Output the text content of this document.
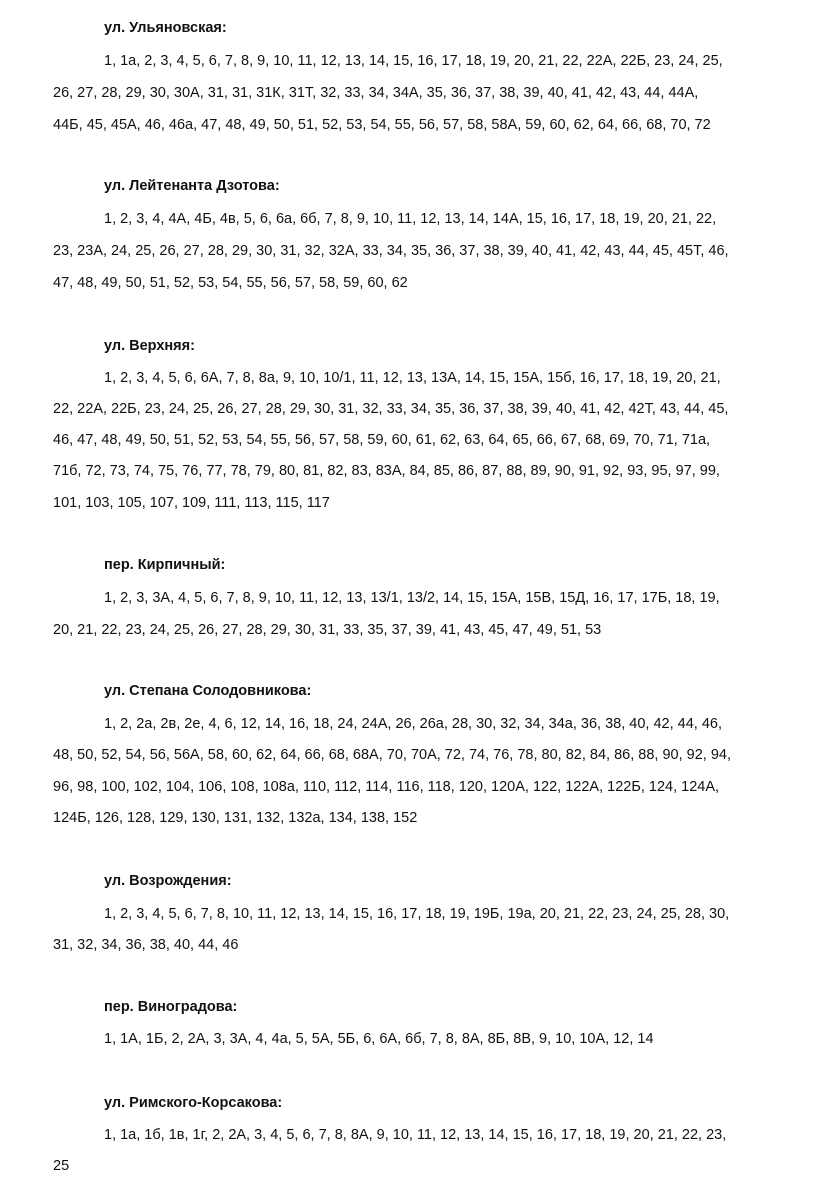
ул. Ульяновская:
1, 1а, 2, 3, 4, 5, 6, 7, 8, 9, 10, 11, 12, 13, 14, 15, 16, 17, 18, 19, 20, 21, 22, 22А, 22Б, 23, 24, 25,
26, 27, 28, 29, 30, 30А, 31, 31, 31К, 31Т, 32, 33, 34, 34А, 35, 36, 37, 38, 39, 40, 41, 42, 43, 44, 44А,
44Б, 45, 45А, 46, 46а, 47, 48, 49, 50, 51, 52, 53, 54, 55, 56, 57, 58, 58А, 59, 60, 62, 64, 66, 68, 70, 72
ул. Лейтенанта Дзотова:
1, 2, 3, 4, 4А, 4Б, 4в, 5, 6, 6а, 6б, 7, 8, 9, 10, 11, 12, 13, 14, 14А, 15, 16, 17, 18, 19, 20, 21, 22,
23, 23А, 24, 25, 26, 27, 28, 29, 30, 31, 32, 32А, 33, 34, 35, 36, 37, 38, 39, 40, 41, 42, 43, 44, 45, 45Т, 46,
47, 48, 49, 50, 51, 52, 53, 54, 55, 56, 57, 58, 59, 60, 62
ул. Верхняя:
1, 2, 3, 4, 5, 6, 6А, 7, 8, 8а, 9, 10, 10/1, 11, 12, 13, 13А, 14, 15, 15А, 15б, 16, 17, 18, 19, 20, 21,
22, 22А, 22Б, 23, 24, 25, 26, 27, 28, 29, 30, 31, 32, 33, 34, 35, 36, 37, 38, 39, 40, 41, 42, 42Т, 43, 44, 45,
46, 47, 48, 49, 50, 51, 52, 53, 54, 55, 56, 57, 58, 59, 60, 61, 62, 63, 64, 65, 66, 67, 68, 69, 70, 71, 71а,
71б, 72, 73, 74, 75, 76, 77, 78, 79, 80, 81, 82, 83, 83А, 84, 85, 86, 87, 88, 89, 90, 91, 92, 93, 95, 97, 99,
101, 103, 105, 107, 109, 111, 113, 115, 117
пер. Кирпичный:
1, 2, 3, 3А, 4, 5, 6, 7, 8, 9, 10, 11, 12, 13, 13/1, 13/2, 14, 15, 15А, 15В, 15Д, 16, 17, 17Б, 18, 19,
20, 21, 22, 23, 24, 25, 26, 27, 28, 29, 30, 31, 33, 35, 37, 39, 41, 43, 45, 47, 49, 51, 53
ул. Степана Солодовникова:
1, 2, 2а, 2в, 2е, 4, 6, 12, 14, 16, 18, 24, 24А, 26, 26а, 28, 30, 32, 34, 34а, 36, 38, 40, 42, 44, 46,
48, 50, 52, 54, 56, 56А, 58, 60, 62, 64, 66, 68, 68А, 70, 70А, 72, 74, 76, 78, 80, 82, 84, 86, 88, 90, 92, 94,
96, 98, 100, 102, 104, 106, 108, 108а, 110, 112, 114, 116, 118, 120, 120А, 122, 122А, 122Б, 124, 124А,
124Б, 126, 128, 129, 130, 131, 132, 132а, 134, 138, 152
ул. Возрождения:
1, 2, 3, 4, 5, 6, 7, 8, 10, 11, 12, 13, 14, 15, 16, 17, 18, 19, 19Б, 19а, 20, 21, 22, 23, 24, 25, 28, 30,
31, 32, 34, 36, 38, 40, 44, 46
пер. Виноградова:
1, 1А, 1Б, 2, 2А, 3, 3А, 4, 4а, 5, 5А, 5Б, 6, 6А, 6б, 7, 8, 8А, 8Б, 8В, 9, 10, 10А, 12, 14
ул. Римского-Корсакова:
1, 1а, 1б, 1в, 1г, 2, 2А, 3, 4, 5, 6, 7, 8, 8А, 9, 10, 11, 12, 13, 14, 15, 16, 17, 18, 19, 20, 21, 22, 23,
25
